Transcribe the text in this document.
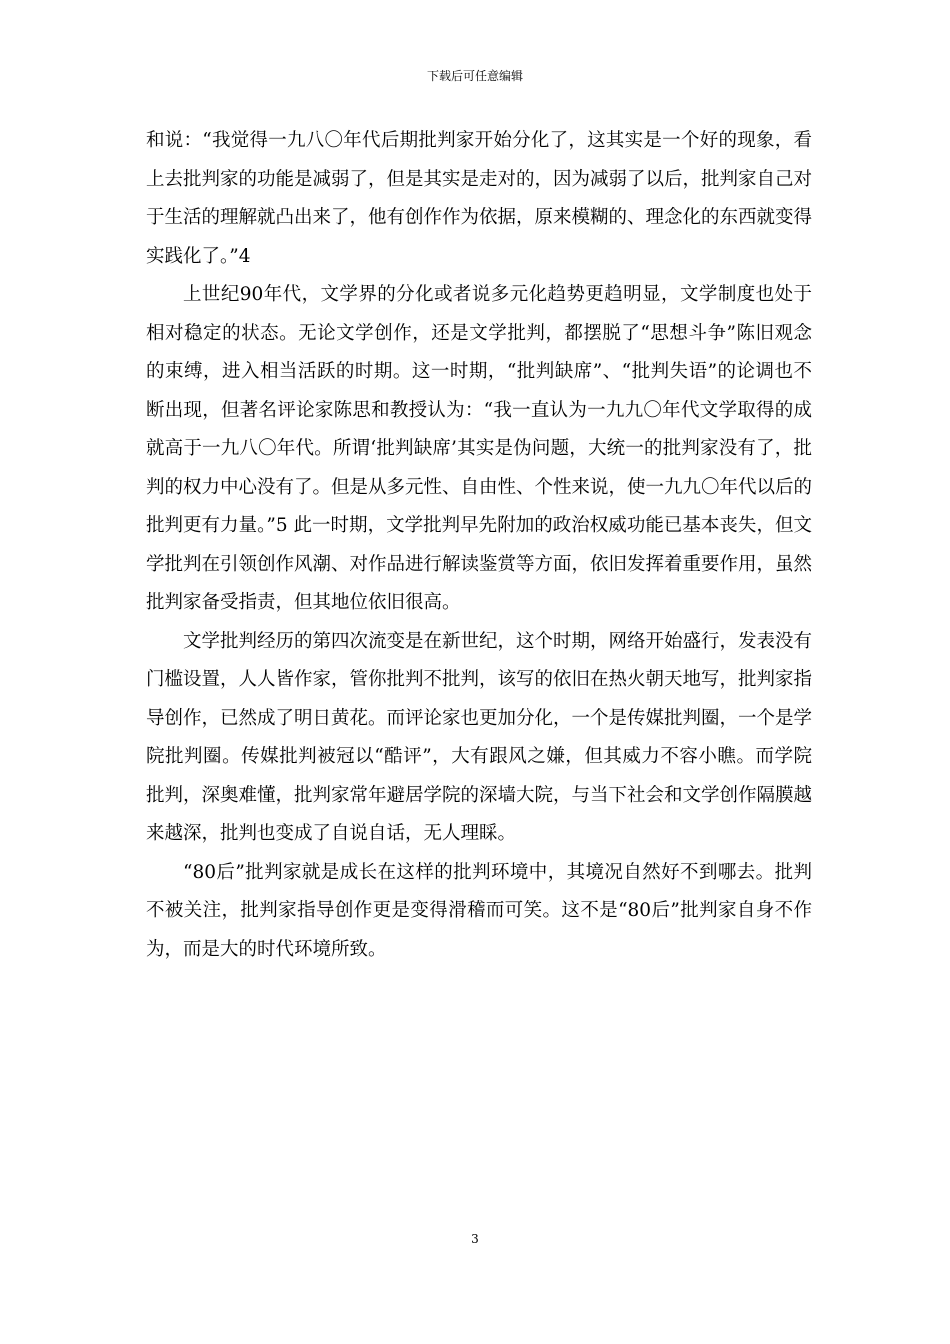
下载后可任意编辑

和说：“我觉得一九八〇年代后期批判家开始分化了，这其实是一个好的现象，看上去批判家的功能是减弱了，但是其实是走对的，因为减弱了以后，批判家自己对于生活的理解就凸出来了，他有创作作为依据，原来模糊的、理念化的东西就变得实践化了。”4

上世纪90年代，文学界的分化或者说多元化趋势更趋明显，文学制度也处于相对稳定的状态。无论文学创作，还是文学批判，都摆脱了“思想斗争”陈旧观念的束缚，进入相当活跃的时期。这一时期，“批判缺席”、“批判失语”的论调也不断出现，但著名评论家陈思和教授认为：“我一直认为一九九〇年代文学取得的成就高于一九八〇年代。所谓‘批判缺席’其实是伪问题，大统一的批判家没有了，批判的权力中心没有了。但是从多元性、自由性、个性来说，使一九九〇年代以后的批判更有力量。”5 此一时期，文学批判早先附加的政治权威功能已基本丧失，但文学批判在引领创作风潮、对作品进行解读鉴赏等方面，依旧发挥着重要作用，虽然批判家备受指责，但其地位依旧很高。

文学批判经历的第四次流变是在新世纪，这个时期，网络开始盛行，发表没有门槛设置，人人皆作家，管你批判不批判，该写的依旧在热火朝天地写，批判家指导创作，已然成了明日黄花。而评论家也更加分化，一个是传媒批判圈，一个是学院批判圈。传媒批判被冠以“酷评”，大有跟风之嫌，但其威力不容小瞧。而学院批判，深奥难懂，批判家常年避居学院的深墙大院，与当下社会和文学创作隔膜越来越深，批判也变成了自说自话，无人理睬。

“80后”批判家就是成长在这样的批判环境中，其境况自然好不到哪去。批判不被关注，批判家指导创作更是变得滑稽而可笑。这不是“80后”批判家自身不作为，而是大的时代环境所致。

3
